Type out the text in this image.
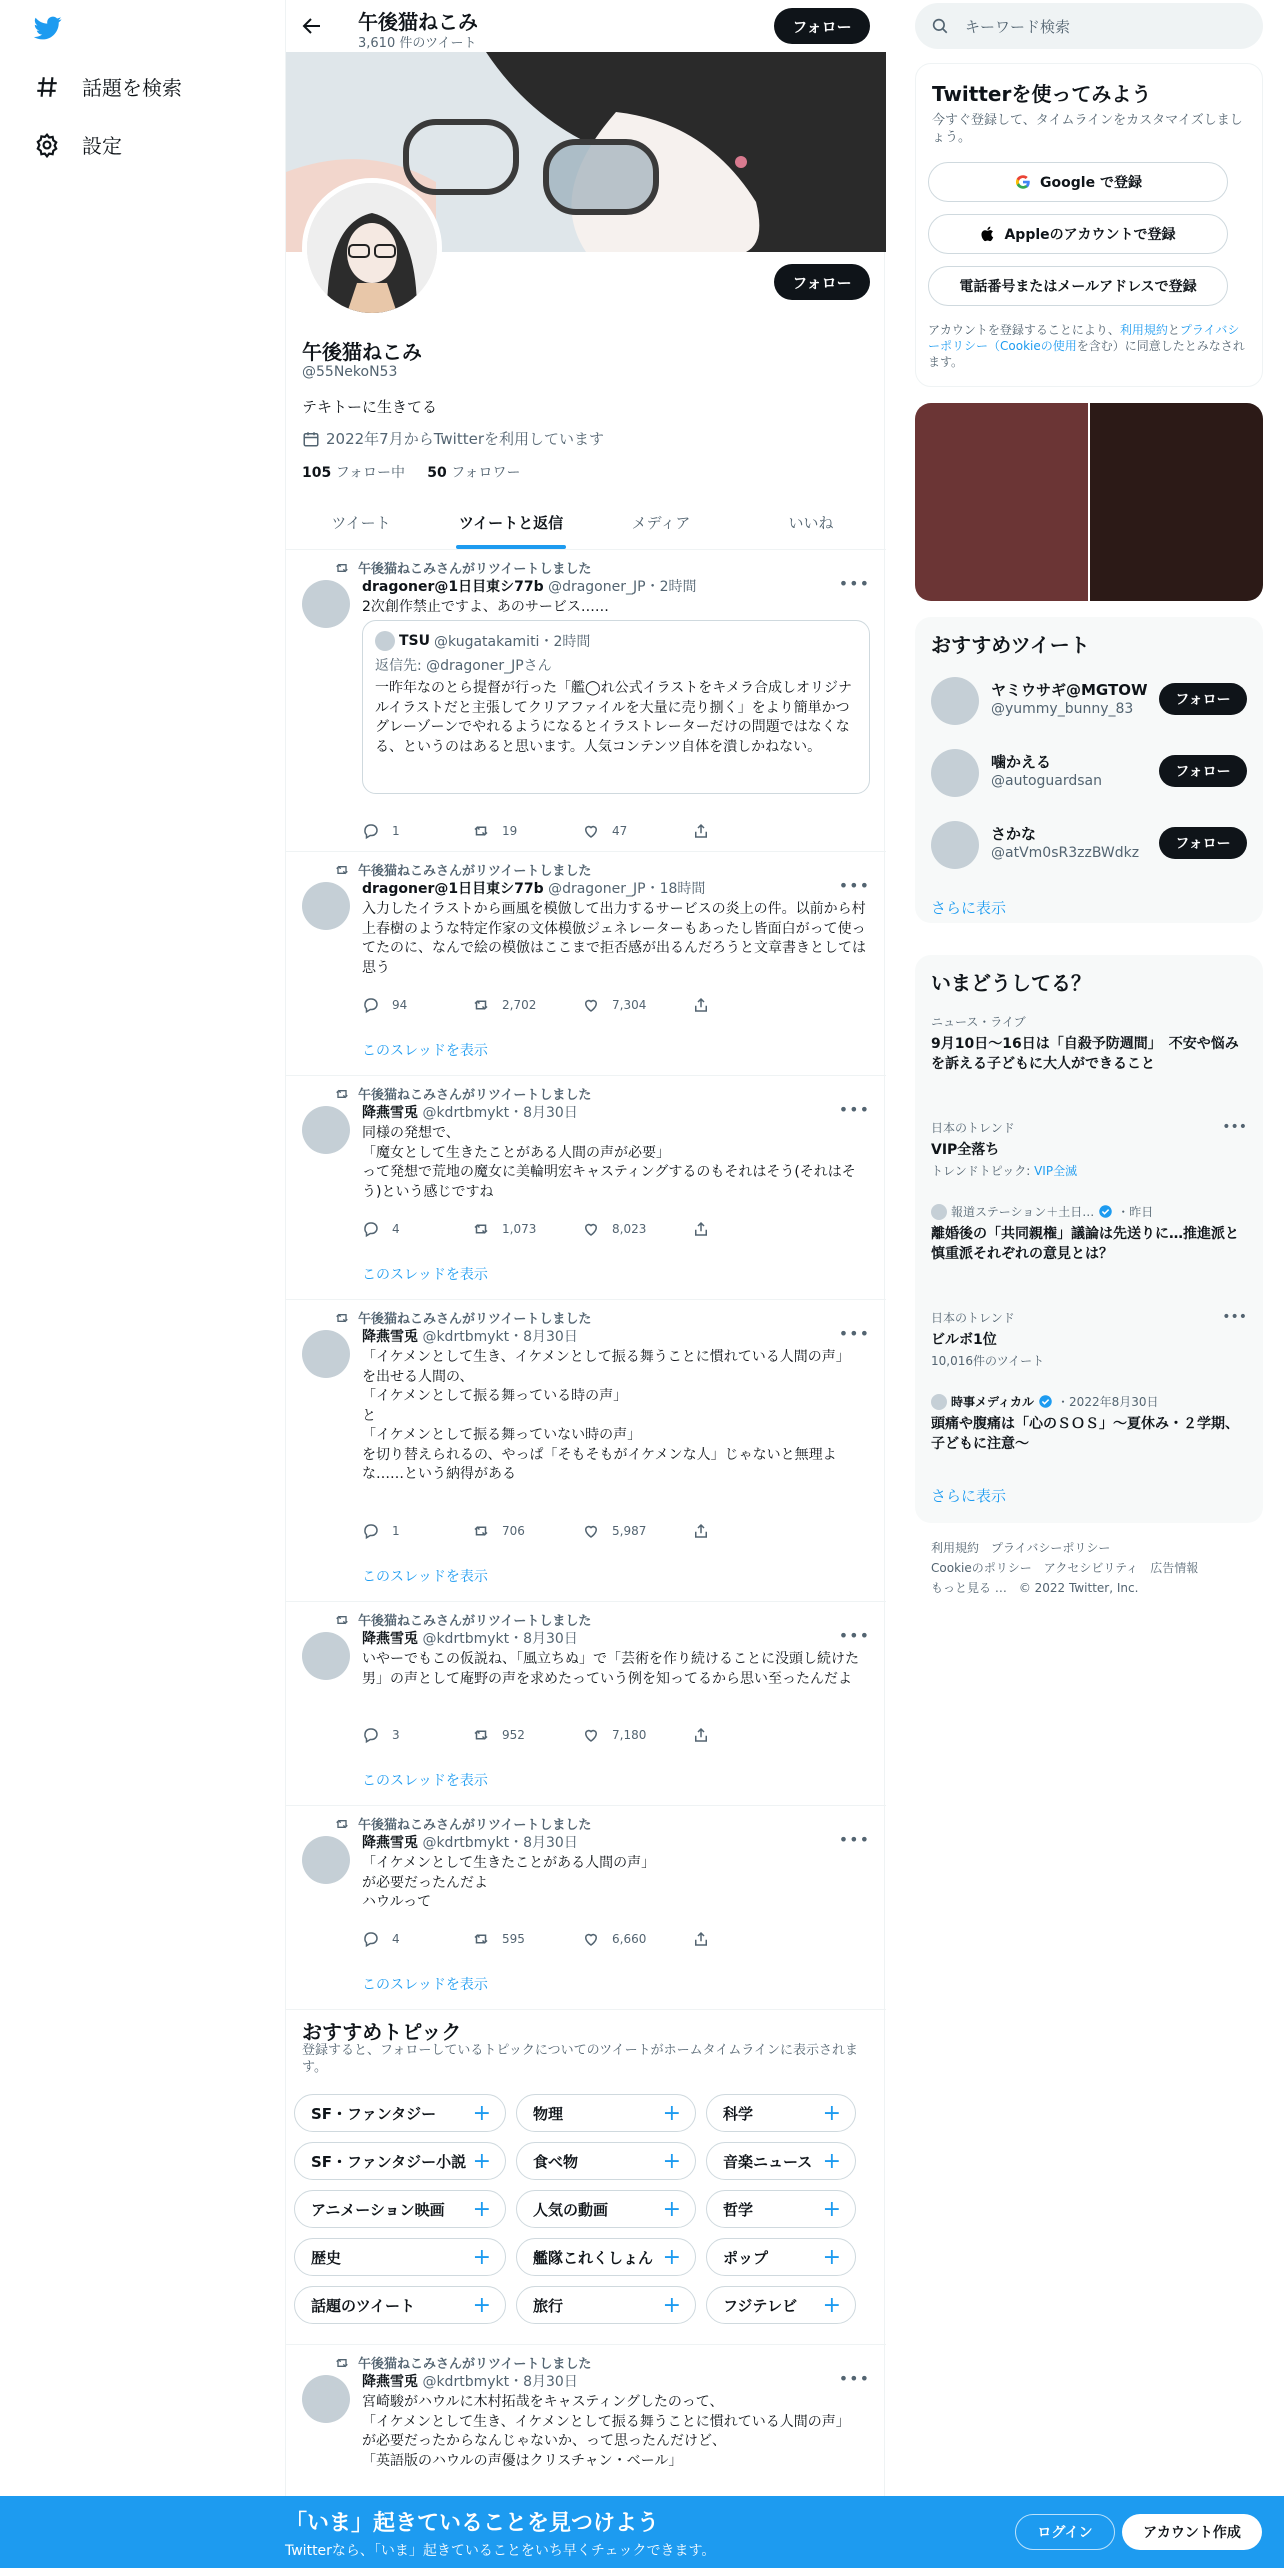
話題を検索
設定
午後猫ねこみ
3,610 件のツイート
フォロー
フォロー
午後猫ねこみ
@55NekoN53
テキトーに生きてる
2022年7月からTwitterを利用しています
105 フォロー中 50 フォロワー
ツイート	ツイートと返信	メディア	いいね
午後猫ねこみさんがリツイートしました
dragoner@1日目東シ77b @dragoner_JP・2時間	•••
2次創作禁止ですよ、あのサービス……
TSU @kugatakamiti・2時間
返信先: @dragoner_JPさん
一昨年なのとら提督が行った「艦◯れ公式イラストをキメラ合成しオリジナルイラストだと主張してクリアファイルを大量に売り捌く」をより簡単かつグレーゾーンでやれるようになるとイラストレーターだけの問題ではなくなる、というのはあると思います。人気コンテンツ自体を潰しかねない。
1	19	47
午後猫ねこみさんがリツイートしました
dragoner@1日目東シ77b @dragoner_JP・18時間	•••
入力したイラストから画風を模倣して出力するサービスの炎上の件。以前から村上春樹のような特定作家の文体模倣ジェネレーターもあったし皆面白がって使ってたのに、なんで絵の模倣はここまで拒否感が出るんだろうと文章書きとしては思う
94	2,702	7,304
このスレッドを表示
午後猫ねこみさんがリツイートしました
降燕雪兎 @kdrtbmykt・8月30日	•••
同様の発想で、
「魔女として生きたことがある人間の声が必要」
って発想で荒地の魔女に美輪明宏キャスティングするのもそれはそう(それはそう)という感じですね
4	1,073	8,023
このスレッドを表示
午後猫ねこみさんがリツイートしました
降燕雪兎 @kdrtbmykt・8月30日	•••
「イケメンとして生き、イケメンとして振る舞うことに慣れている人間の声」
を出せる人間の、
「イケメンとして振る舞っている時の声」
と
「イケメンとして振る舞っていない時の声」
を切り替えられるの、やっぱ「そもそもがイケメンな人」じゃないと無理よな……という納得がある
1	706	5,987
このスレッドを表示
午後猫ねこみさんがリツイートしました
降燕雪兎 @kdrtbmykt・8月30日	•••
いやーでもこの仮説ね、「風立ちぬ」で「芸術を作り続けることに没頭し続けた男」の声として庵野の声を求めたっていう例を知ってるから思い至ったんだよ
3	952	7,180
このスレッドを表示
午後猫ねこみさんがリツイートしました
降燕雪兎 @kdrtbmykt・8月30日	•••
「イケメンとして生きたことがある人間の声」
が必要だったんだよ
ハウルって
4	595	6,660
このスレッドを表示
おすすめトピック
登録すると、フォローしているトピックについてのツイートがホームタイムラインに表示されます。
SF・ファンタジー +	物理	+	科学	+
SF・ファンタジー小説 +	食べ物	+	音楽ニュース +
アニメーション映画 +	人気の動画 +	哲学	+
歴史	+	艦隊これくしょん +	ポップ +
話題のツイート	+	旅行	+	フジテレビ +
午後猫ねこみさんがリツイートしました
降燕雪兎 @kdrtbmykt・8月30日	•••
宮崎駿がハウルに木村拓哉をキャスティングしたのって、
「イケメンとして生き、イケメンとして振る舞うことに慣れている人間の声」
が必要だったからなんじゃないか、って思ったんだけど、
「英語版のハウルの声優はクリスチャン・ベール」
キーワード検索
Twitterを使ってみよう
今すぐ登録して、タイムラインをカスタマイズしましょう。
Google で登録
Appleのアカウントで登録
電話番号またはメールアドレスで登録
アカウントを登録することにより、利用規約とプライバシーポリシー（Cookieの使用を含む）に同意したとみなされます。
おすすめツイート
ヤミウサギ@MGTOW
@yummy_bunny_83
フォロー
噛かえる
@autoguardsan
フォロー
さかな
@atVm0sR3zzBWdkz
フォロー
さらに表示
いまどうしてる？
ニュース・ライブ
9月10日〜16日は「自殺予防週間」　不安や悩みを訴える子どもに大人ができること
日本のトレンド
VIP全落ち
トレンドトピック: VIP全滅
•••
報道ステーション＋土日… ・昨日
離婚後の「共同親権」議論は先送りに…推進派と慎重派それぞれの意見とは？
日本のトレンド
ビルボ1位
10,016件のツイート
•••
時事メディカル ・2022年8月30日
頭痛や腹痛は「心のＳＯＳ」～夏休み・２学期、子どもに注意～
さらに表示
利用規約 プライバシーポリシー
Cookieのポリシー アクセシビリティ 広告情報
もっと見る … © 2022 Twitter, Inc.
「いま」起きていることを見つけよう
Twitterなら、「いま」起きていることをいち早くチェックできます。
ログイン	アカウント作成
